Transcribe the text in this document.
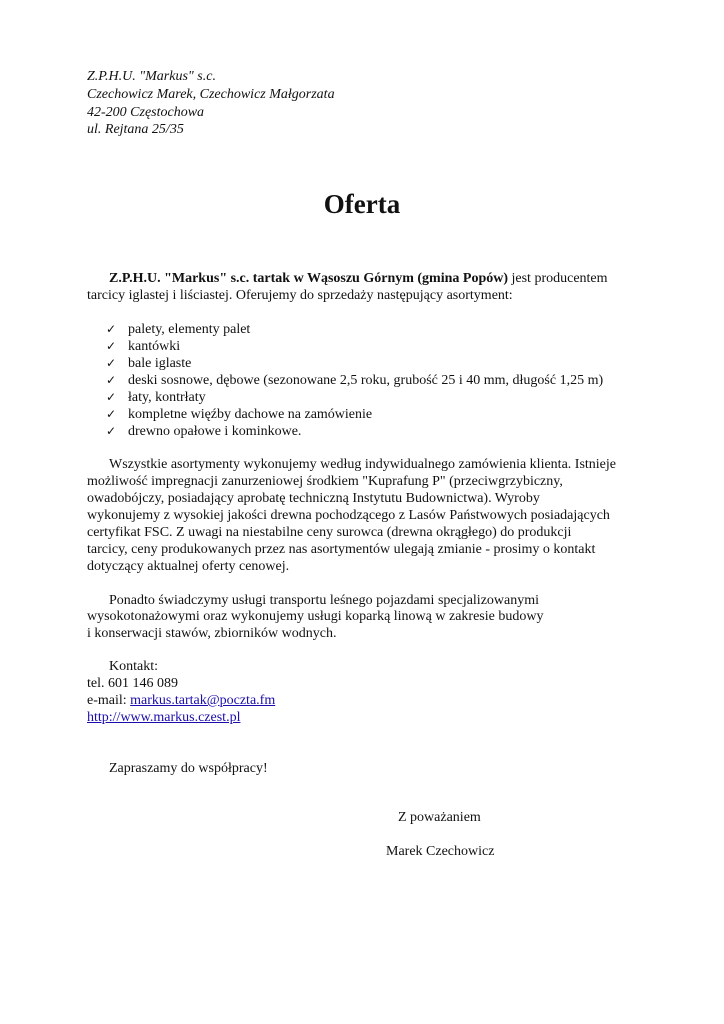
Z.P.H.U. "Markus" s.c.
Czechowicz Marek, Czechowicz Małgorzata
42-200 Częstochowa
ul. Rejtana 25/35
Oferta
Z.P.H.U. "Markus" s.c. tartak w Wąsoszu Górnym (gmina Popów) jest producentem
tarcicy iglastej i liściastej. Oferujemy do sprzedaży następujący asortyment:
✓ palety, elementy palet
✓ kantówki
✓ bale iglaste
✓ deski sosnowe, dębowe (sezonowane 2,5 roku, grubość 25 i 40 mm, długość 1,25 m)
✓ łaty, kontrłaty
✓ kompletne więźby dachowe na zamówienie
✓ drewno opałowe i kominkowe.
Wszystkie asortymenty wykonujemy według indywidualnego zamówienia klienta. Istnieje
możliwość impregnacji zanurzeniowej środkiem "Kuprafung P" (przeciwgrzybiczny,
owadobójczy, posiadający aprobatę techniczną Instytutu Budownictwa). Wyroby
wykonujemy z wysokiej jakości drewna pochodzącego z Lasów Państwowych posiadających
certyfikat FSC. Z uwagi na niestabilne ceny surowca (drewna okrągłego) do produkcji
tarcicy, ceny produkowanych przez nas asortymentów ulegają zmianie - prosimy o kontakt
dotyczący aktualnej oferty cenowej.
Ponadto świadczymy usługi transportu leśnego pojazdami specjalizowanymi
wysokotonażowymi oraz wykonujemy usługi koparką linową w zakresie budowy
i konserwacji stawów, zbiorników wodnych.
Kontakt:
tel. 601 146 089
e-mail: markus.tartak@poczta.fm
http://www.markus.czest.pl
Zapraszamy do współpracy!
Z poważaniem
Marek Czechowicz
